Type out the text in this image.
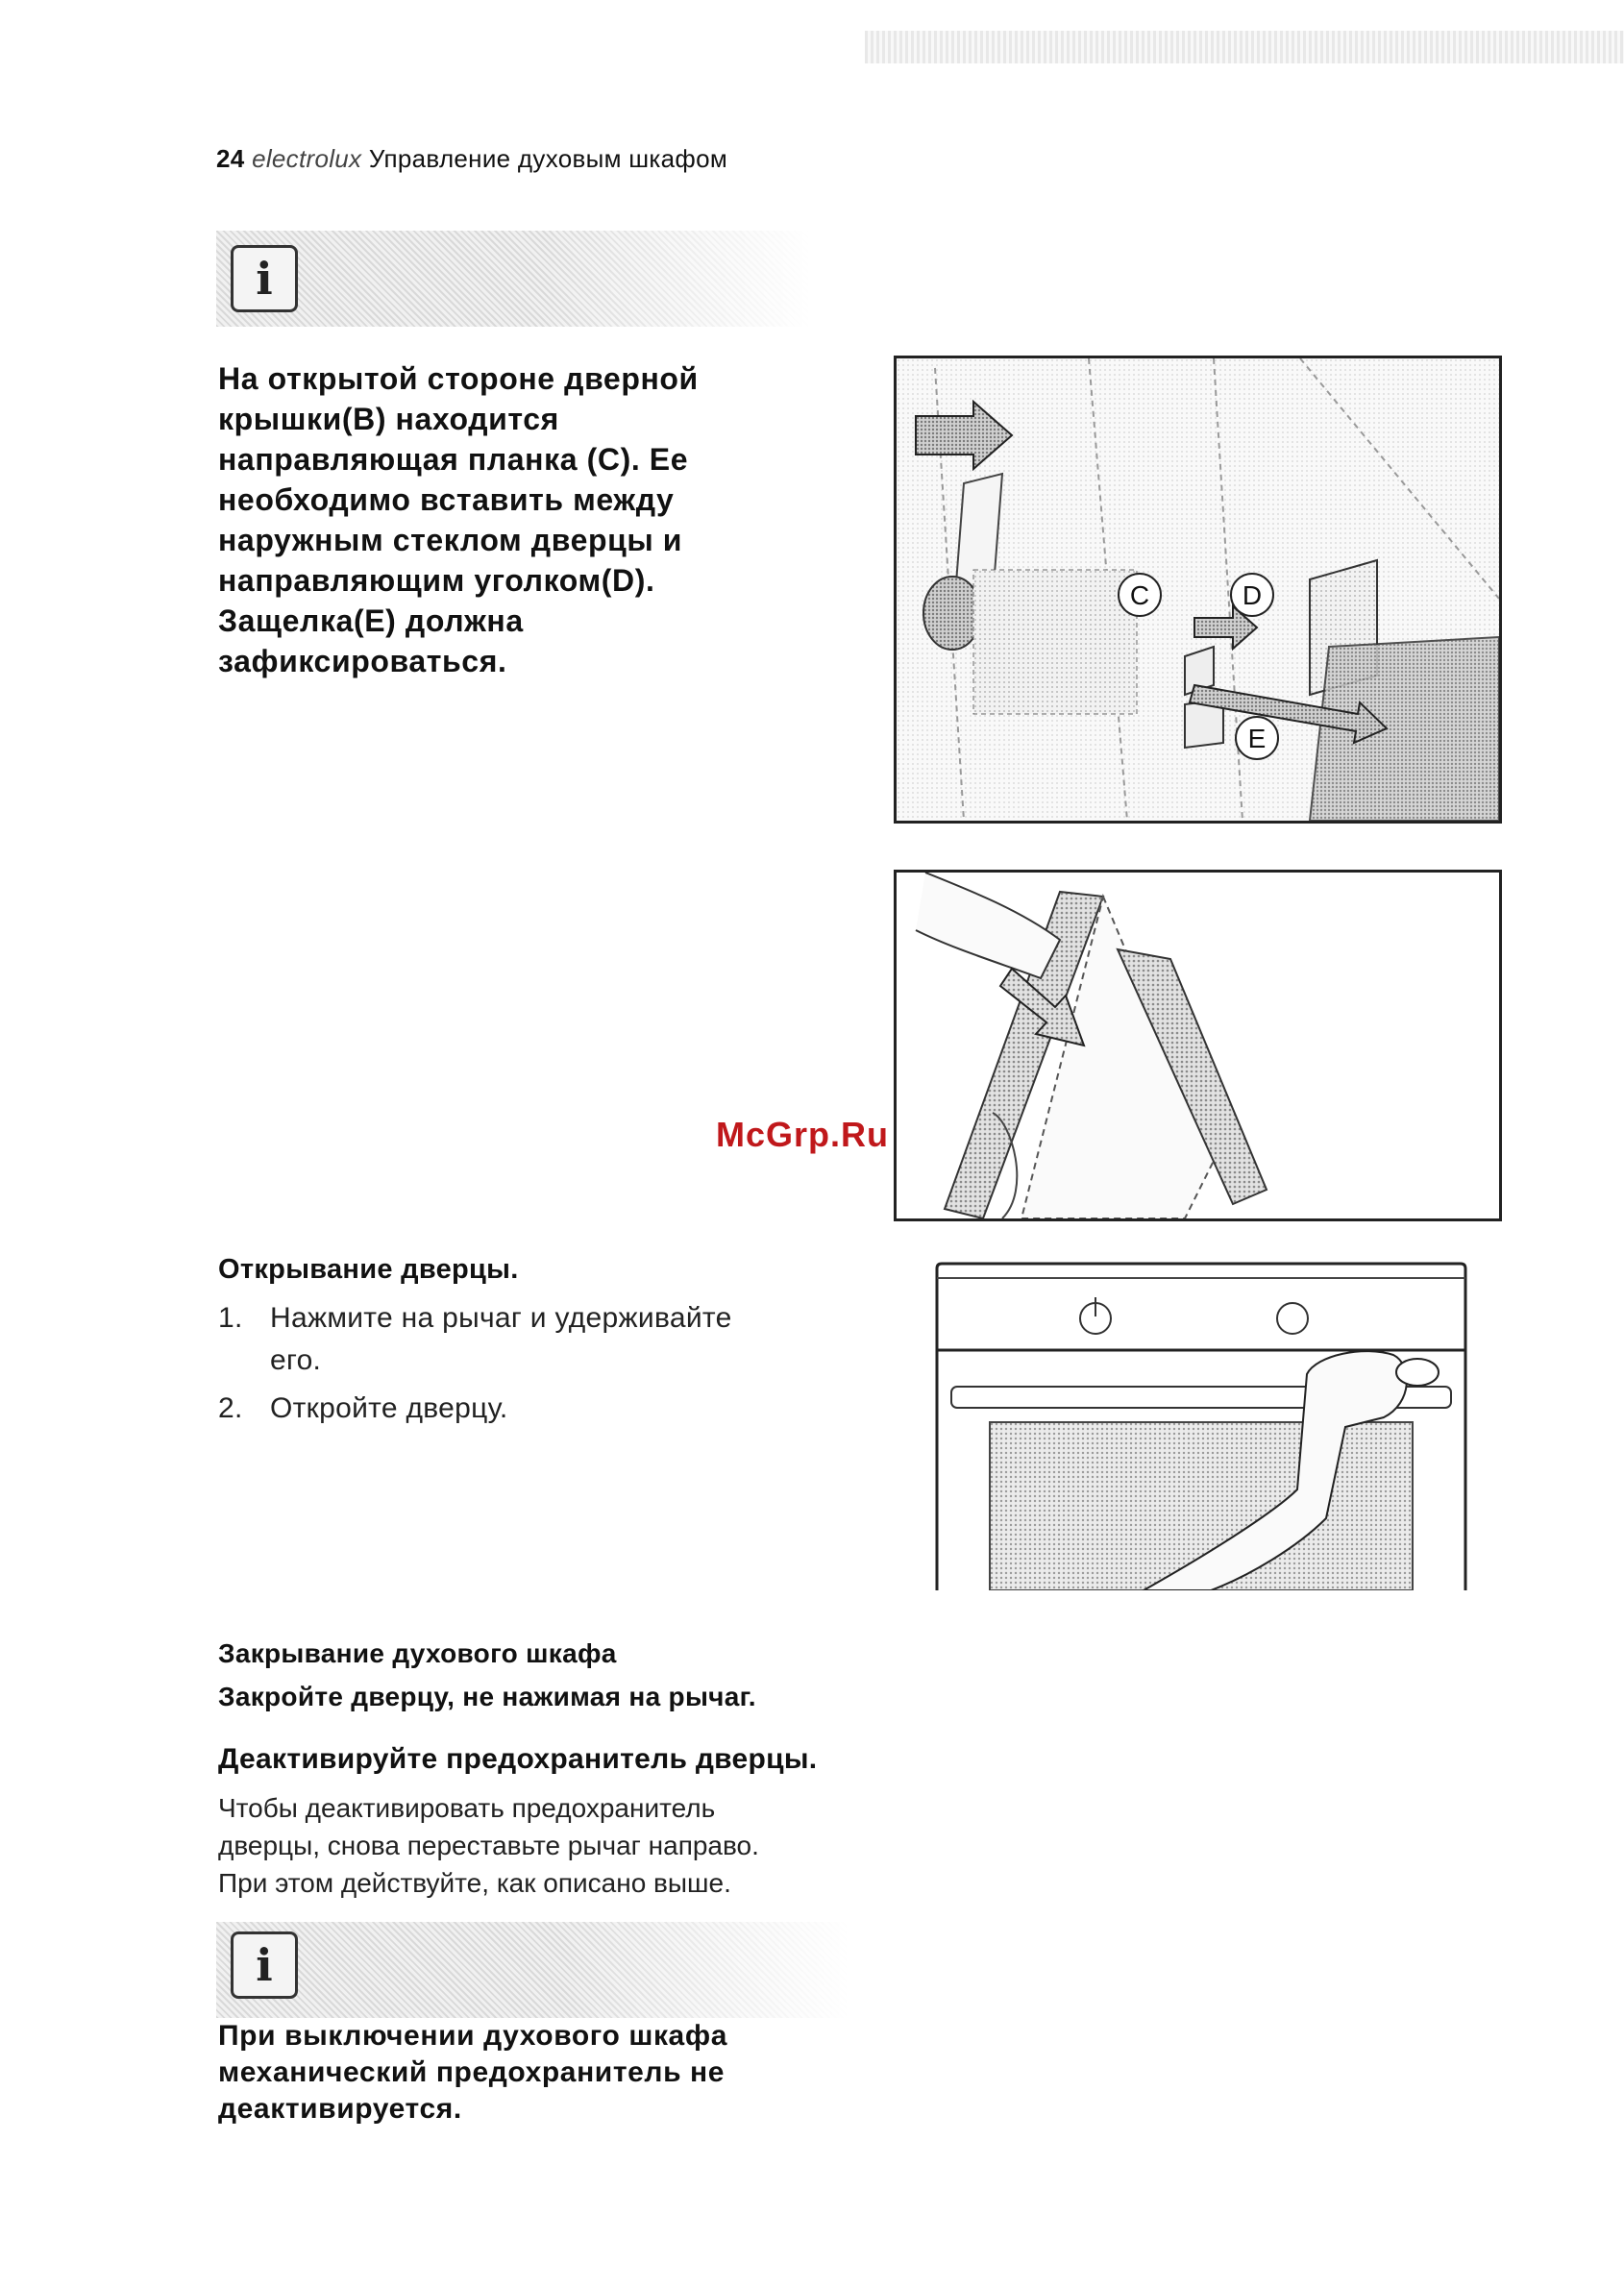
24 electrolux Управление духовым шкафом
i
На открытой стороне дверной
крышки(B) находится
направляющая планка (C). Ее
необходимо вставить между
наружным стеклом дверцы и
направляющим уголком(D).
Защелка(E) должна
зафиксироваться.
C	D
E
McGrp.Ru
Открывание дверцы.
1. Нажмите на рычаг и удерживайте
его.
2. Откройте дверцу.
Закрывание духового шкафа
Закройте дверцу, не нажимая на рычаг.
Деактивируйте предохранитель дверцы.
Чтобы деактивировать предохранитель
дверцы, снова переставьте рычаг направо.
При этом действуйте, как описано выше.
i
При выключении духового шкафа
механический предохранитель не
деактивируется.
